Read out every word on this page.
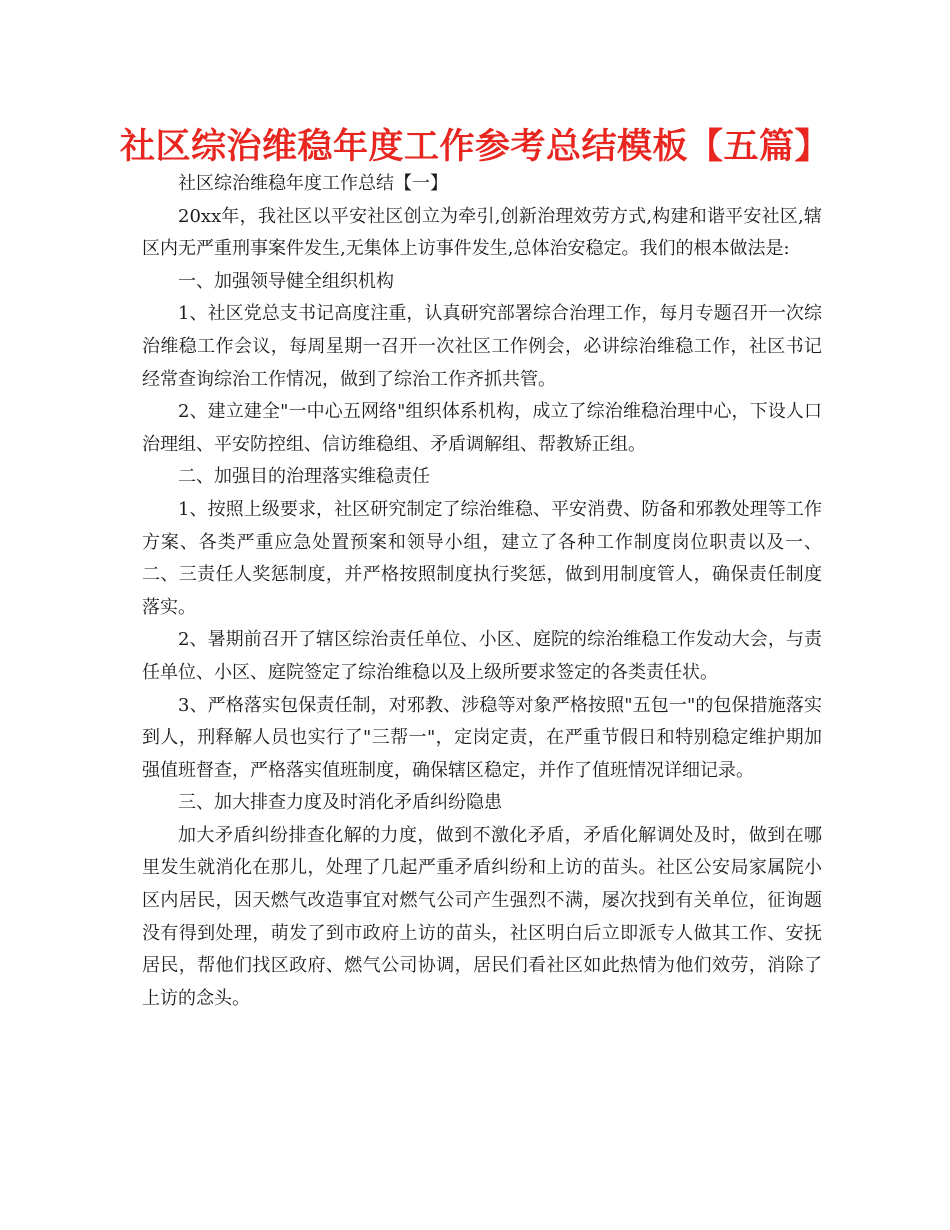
社区综治维稳年度工作参考总结模板【五篇】

社区综治维稳年度工作总结【一】

20xx年，我社区以平安社区创立为牵引,创新治理效劳方式,构建和谐平安社区,辖区内无严重刑事案件发生,无集体上访事件发生,总体治安稳定。我们的根本做法是:

一、加强领导健全组织机构

1、社区党总支书记高度注重，认真研究部署综合治理工作，每月专题召开一次综治维稳工作会议，每周星期一召开一次社区工作例会，必讲综治维稳工作，社区书记经常查询综治工作情况，做到了综治工作齐抓共管。

2、建立建全"一中心五网络"组织体系机构，成立了综治维稳治理中心，下设人口治理组、平安防控组、信访维稳组、矛盾调解组、帮教矫正组。

二、加强目的治理落实维稳责任

1、按照上级要求，社区研究制定了综治维稳、平安消费、防备和邪教处理等工作方案、各类严重应急处置预案和领导小组，建立了各种工作制度岗位职责以及一、二、三责任人奖惩制度，并严格按照制度执行奖惩，做到用制度管人，确保责任制度落实。

2、暑期前召开了辖区综治责任单位、小区、庭院的综治维稳工作发动大会，与责任单位、小区、庭院签定了综治维稳以及上级所要求签定的各类责任状。

3、严格落实包保责任制，对邪教、涉稳等对象严格按照"五包一"的包保措施落实到人，刑释解人员也实行了"三帮一"，定岗定责，在严重节假日和特别稳定维护期加强值班督查，严格落实值班制度，确保辖区稳定，并作了值班情况详细记录。

三、加大排查力度及时消化矛盾纠纷隐患

加大矛盾纠纷排查化解的力度，做到不激化矛盾，矛盾化解调处及时，做到在哪里发生就消化在那儿，处理了几起严重矛盾纠纷和上访的苗头。社区公安局家属院小区内居民，因天燃气改造事宜对燃气公司产生强烈不满，屡次找到有关单位，征询题没有得到处理，萌发了到市政府上访的苗头，社区明白后立即派专人做其工作、安抚居民，帮他们找区政府、燃气公司协调，居民们看社区如此热情为他们效劳，消除了上访的念头。
